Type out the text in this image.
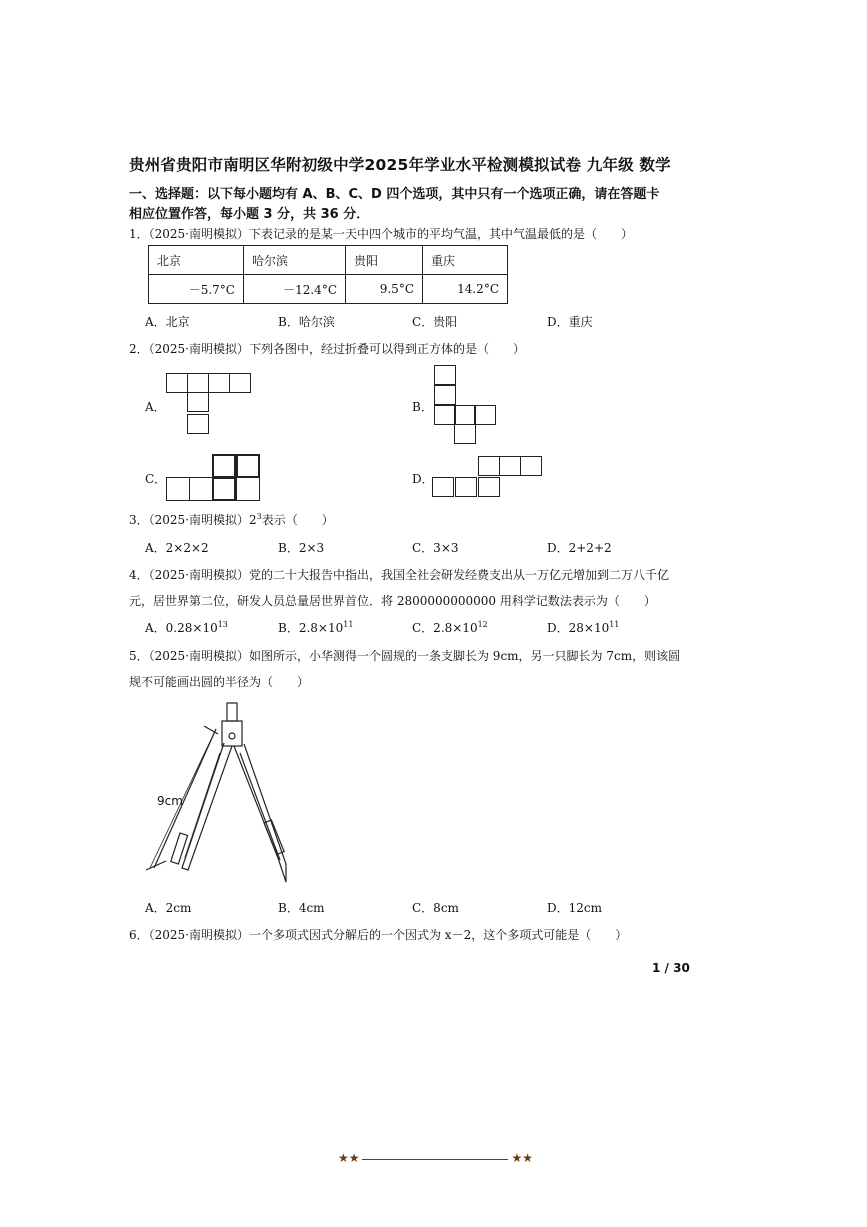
贵州省贵阳市南明区华附初级中学2025年学业水平检测模拟试卷 九年级 数学
一、选择题：以下每小题均有 A、B、C、D 四个选项，其中只有一个选项正确，请在答题卡
相应位置作答，每小题 3 分，共 36 分．
1．（2025·南明模拟）下表记录的是某一天中四个城市的平均气温，其中气温最低的是（　　）
北京	哈尔滨	贵阳	重庆
－5.7°C	－12.4°C	9.5°C	14.2°C
A．北京	B．哈尔滨	C．贵阳	D．重庆
2．（2025·南明模拟）下列各图中，经过折叠可以得到正方体的是（　　）
A．	B．
C．	D．
3．（2025·南明模拟）$2^3$表示（　　）
A．2×2×2	B．2×3	C．3×3	D．2+2+2
4．（2025·南明模拟）党的二十大报告中指出，我国全社会研发经费支出从一万亿元增加到二万八千亿
元，居世界第二位，研发人员总量居世界首位．将 2800000000000 用科学记数法表示为（　　）
A．$0.28\times 10^{13}$	B．$2.8\times 10^{11}$	C．$2.8\times 10^{12}$	D．$28\times 10^{11}$
5．（2025·南明模拟）如图所示，小华测得一个圆规的一条支脚长为 9cm，另一只脚长为 7cm，则该圆
规不可能画出圆的半径为（　　）
9cm
A．2cm	B．4cm	C．8cm	D．12cm
6．（2025·南明模拟）一个多项式因式分解后的一个因式为 x－2，这个多项式可能是（　　）
1 / 30
★★	★★
